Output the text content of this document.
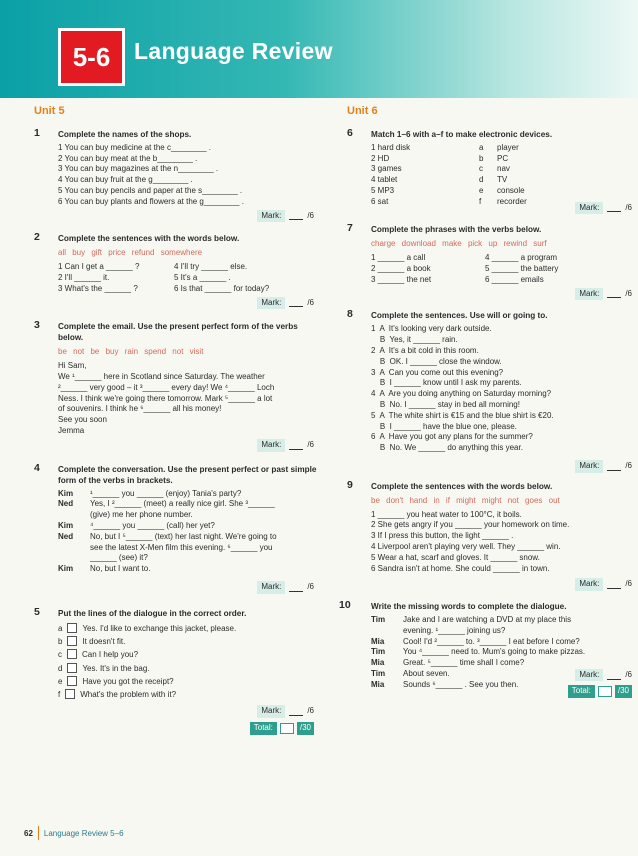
5-6	Language Review
Unit 5
1 Complete the names of the shops.
1 You can buy medicine at the c________ .
2 You can buy meat at the b________ .
3 You can buy magazines at the n________ .
4 You can buy fruit at the g________ .
5 You can buy pencils and paper at the s________ .
6 You can buy plants and flowers at the g________ .
Mark:	/6
2 Complete the sentences with the words below.
all buy gift price refund somewhere
1 Can I get a ______ ?	4 I'll try ______ else.
2 I'll ______ it.	5 It's a ______ .
3 What's the ______ ?	6 Is that ______ for today?
Mark:	/6
3 Complete the email. Use the present perfect form of the verbs below.
be not be buy rain spend not visit
Hi Sam,
We ¹______ here in Scotland since Saturday. The weather
²______ very good – it ³______ every day! We ⁴______ Loch
Ness. I think we're going there tomorrow. Mark ⁵______ a lot
of souvenirs. I think he ⁶______ all his money!
See you soon
Jemma
Mark:	/6
4 Complete the conversation. Use the present perfect or past simple form of the verbs in brackets.
Kim	¹______ you ______ (enjoy) Tania's party?
Ned	Yes, I ²______ (meet) a really nice girl. She ³______
(give) me her phone number.
Kim	⁴______ you ______ (call) her yet?
Ned	No, but I ⁵______ (text) her last night. We're going to
see the latest X-Men film this evening. ⁶______ you
______ (see) it?
Kim	No, but I want to.
Mark:	/6
5 Put the lines of the dialogue in the correct order.
a	Yes. I'd like to exchange this jacket, please.
b	It doesn't fit.
c	Can I help you?
d	Yes. It's in the bag.
e	Have you got the receipt?
f	What's the problem with it?
Mark:	/6
Total:	/30
Unit 6
6 Match 1–6 with a–f to make electronic devices.
1 hard disk	a	player
2 HD	b	PC
3 games	c	nav
4 tablet	d	TV
5 MP3	e	console
6 sat	f	recorder
Mark:	/6
7 Complete the phrases with the verbs below.
charge download make pick up rewind surf
1 ______ a call	4 ______ a program
2 ______ a book	5 ______ the battery
3 ______ the net	6 ______ emails
Mark:	/6
8 Complete the sentences. Use will or going to.
1  A  It's looking very dark outside.
B  Yes, it ______ rain.
2  A  It's a bit cold in this room.
B  OK. I ______ close the window.
3  A  Can you come out this evening?
B  I ______ know until I ask my parents.
4  A  Are you doing anything on Saturday morning?
B  No. I ______ stay in bed all morning!
5  A  The white shirt is €15 and the blue shirt is €20.
B  I ______ have the blue one, please.
6  A  Have you got any plans for the summer?
B  No. We ______ do anything this year.
Mark:	/6
9 Complete the sentences with the words below.
be don't hand in if might might not goes out
1 ______ you heat water to 100°C, it boils.
2 She gets angry if you ______ your homework on time.
3 If I press this button, the light ______ .
4 Liverpool aren't playing very well. They ______ win.
5 Wear a hat, scarf and gloves. It ______ snow.
6 Sandra isn't at home. She could ______ in town.
Mark:	/6
10 Write the missing words to complete the dialogue.
Tim	Jake and I are watching a DVD at my place this
evening. ¹______ joining us?
Mia	Cool! I'd ²______ to. ³______ I eat before I come?
Tim	You ⁴______ need to. Mum's going to make pizzas.
Mia	Great. ⁵______ time shall I come?
Tim	About seven.
Mia	Sounds ⁶______ . See you then.
Mark:	/6
Total:	/30
62 Language Review 5–6
